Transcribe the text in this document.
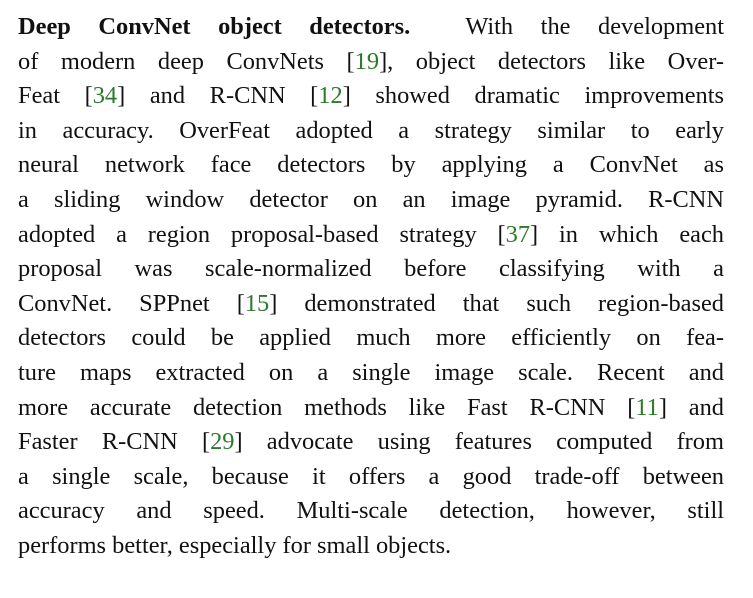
Deep ConvNet object detectors. With the development
of modern deep ConvNets [19], object detectors like Over-
Feat [34] and R-CNN [12] showed dramatic improvements
in accuracy. OverFeat adopted a strategy similar to early
neural network face detectors by applying a ConvNet as
a sliding window detector on an image pyramid. R-CNN
adopted a region proposal-based strategy [37] in which each
proposal was scale-normalized before classifying with a
ConvNet. SPPnet [15] demonstrated that such region-based
detectors could be applied much more efficiently on fea-
ture maps extracted on a single image scale. Recent and
more accurate detection methods like Fast R-CNN [11] and
Faster R-CNN [29] advocate using features computed from
a single scale, because it offers a good trade-off between
accuracy and speed. Multi-scale detection, however, still
performs better, especially for small objects.
